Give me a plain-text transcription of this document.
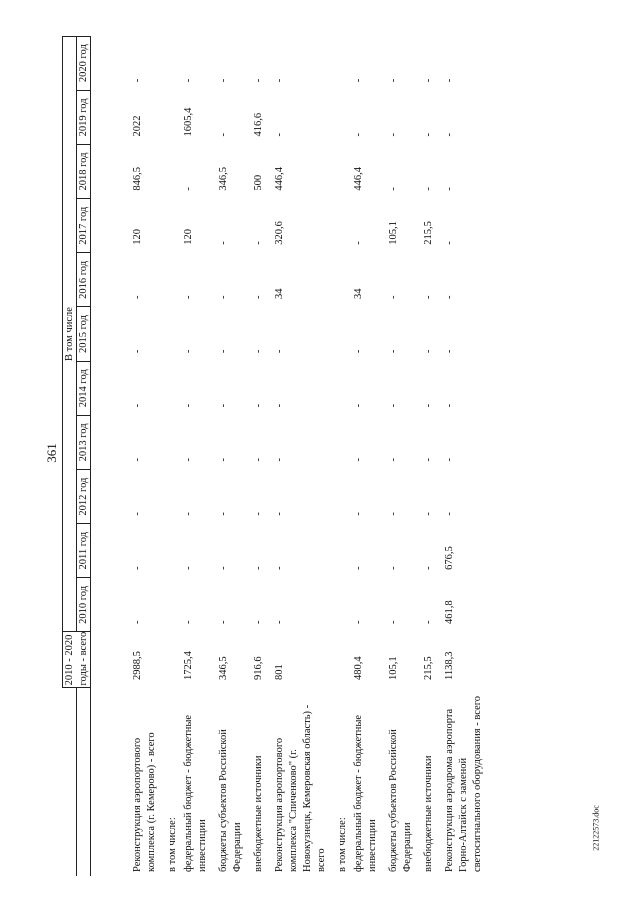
361
22122573.doc
	2010 - 2020	В том числе										
	годы - всего	2010 год	2011 год	2012 год	2013 год	2014 год	2015 год	2016 год	2017 год	2018 год	2019 год	2020 год
Реконструкция аэропортового комплекса (г. Кемерово) - всего	2988,5	-	-	-	-	-	-	-	120	846,5	2022	-
в том числе:												
федеральный бюджет - бюджетные инвестиции	1725,4	-	-	-	-	-	-	-	120	-	1605,4	-
бюджеты субъектов Российской Федерации	346,5	-	-	-	-	-	-	-	-	346,5	-	-
внебюджетные источники	916,6	-	-	-	-	-	-	-	-	500	416,6	-
Реконструкция аэропортового комплекса "Спиченково" (г. Новокузнецк, Кемеровская область) - всего	801	-	-	-	-	-	-	34	320,6	446,4	-	-
в том числе:												
федеральный бюджет - бюджетные инвестиции	480,4	-	-	-	-	-	-	34	-	446,4	-	-
бюджеты субъектов Российской Федерации	105,1	-	-	-	-	-	-	-	105,1	-	-	-
внебюджетные источники	215,5	-	-	-	-	-	-	-	215,5	-	-	-
Реконструкция аэродрома аэропорта Горно-Алтайск с заменой светосигнального оборудования - всего	1138,3	461,8	676,5	-	-	-	-	-	-	-	-	-
